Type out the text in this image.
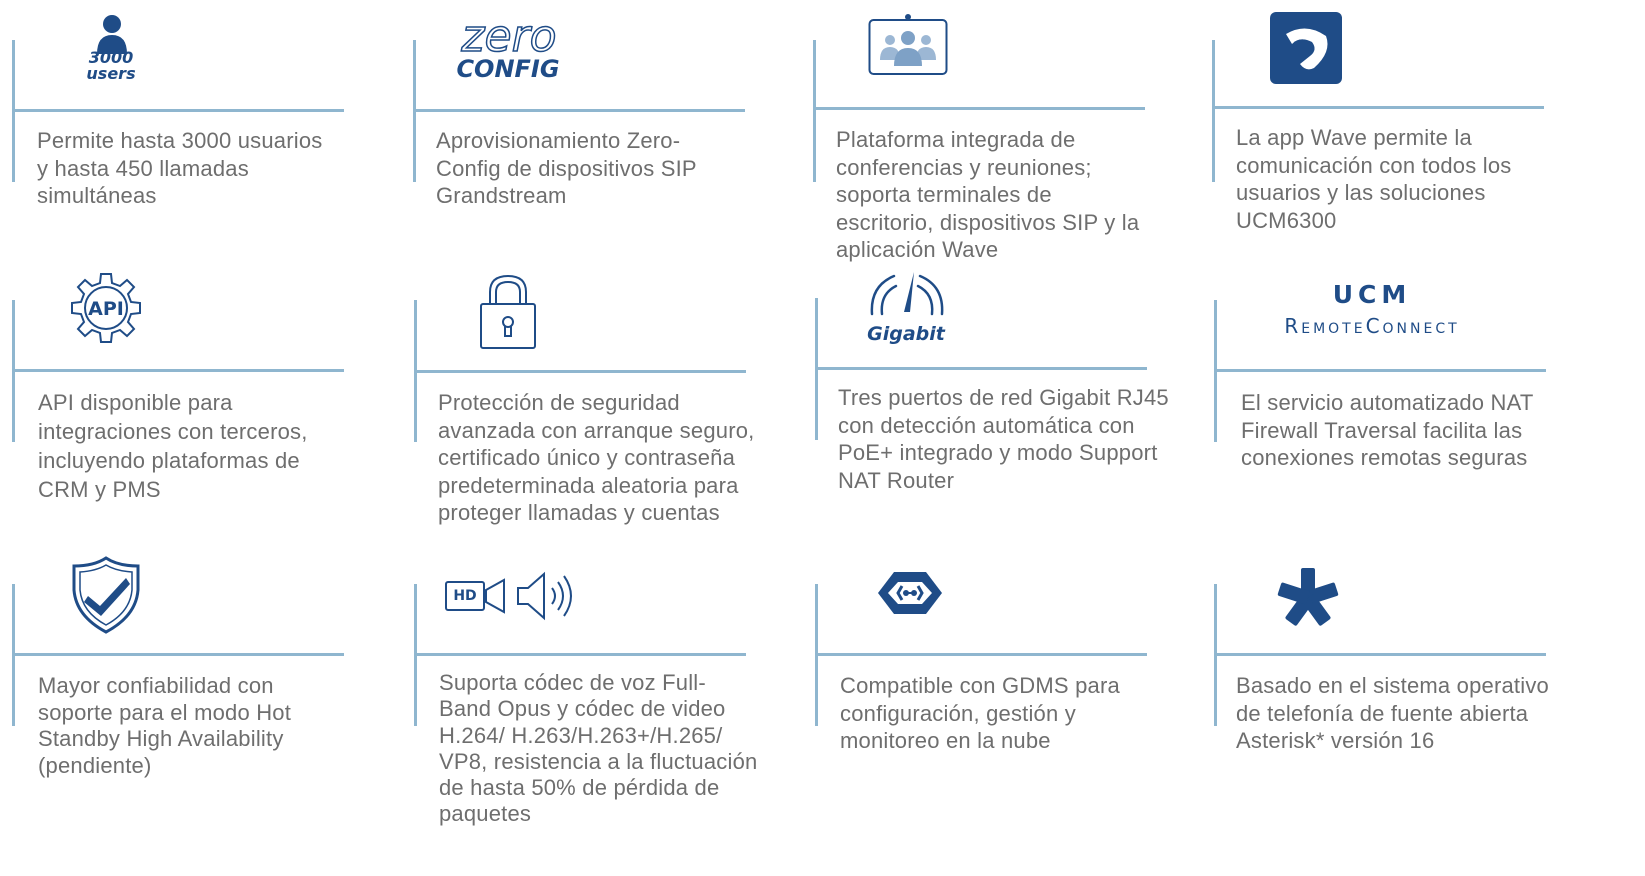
3000
users
Permite hasta 3000 usuarios
y hasta 450 llamadas
simultáneas
zero
CONFIG
Aprovisionamiento Zero-
Config de dispositivos SIP
Grandstream
Plataforma integrada de
conferencias y reuniones;
soporta terminales de
escritorio, dispositivos SIP y la
aplicación Wave
La app Wave permite la
comunicación con todos los
usuarios y las soluciones
UCM6300
API
API disponible para
integraciones con terceros,
incluyendo plataformas de
CRM y PMS
Protección de seguridad
avanzada con arranque seguro,
certificado único y contraseña
predeterminada aleatoria para
proteger llamadas y cuentas
Gigabit
Tres puertos de red Gigabit RJ45
con detección automática con
PoE+ integrado y modo Support
NAT Router
UCM
RemoteConnect
El servicio automatizado NAT
Firewall Traversal facilita las
conexiones remotas seguras
Mayor confiabilidad con
soporte para el modo Hot
Standby High Availability
(pendiente)
HD
Suporta códec de voz Full-
Band Opus y códec de video
H.264/ H.263/H.263+/H.265/
VP8, resistencia a la fluctuación
de hasta 50% de pérdida de
paquetes
Compatible con GDMS para
configuración, gestión y
monitoreo en la nube
Basado en el sistema operativo
de telefonía de fuente abierta
Asterisk* versión 16
